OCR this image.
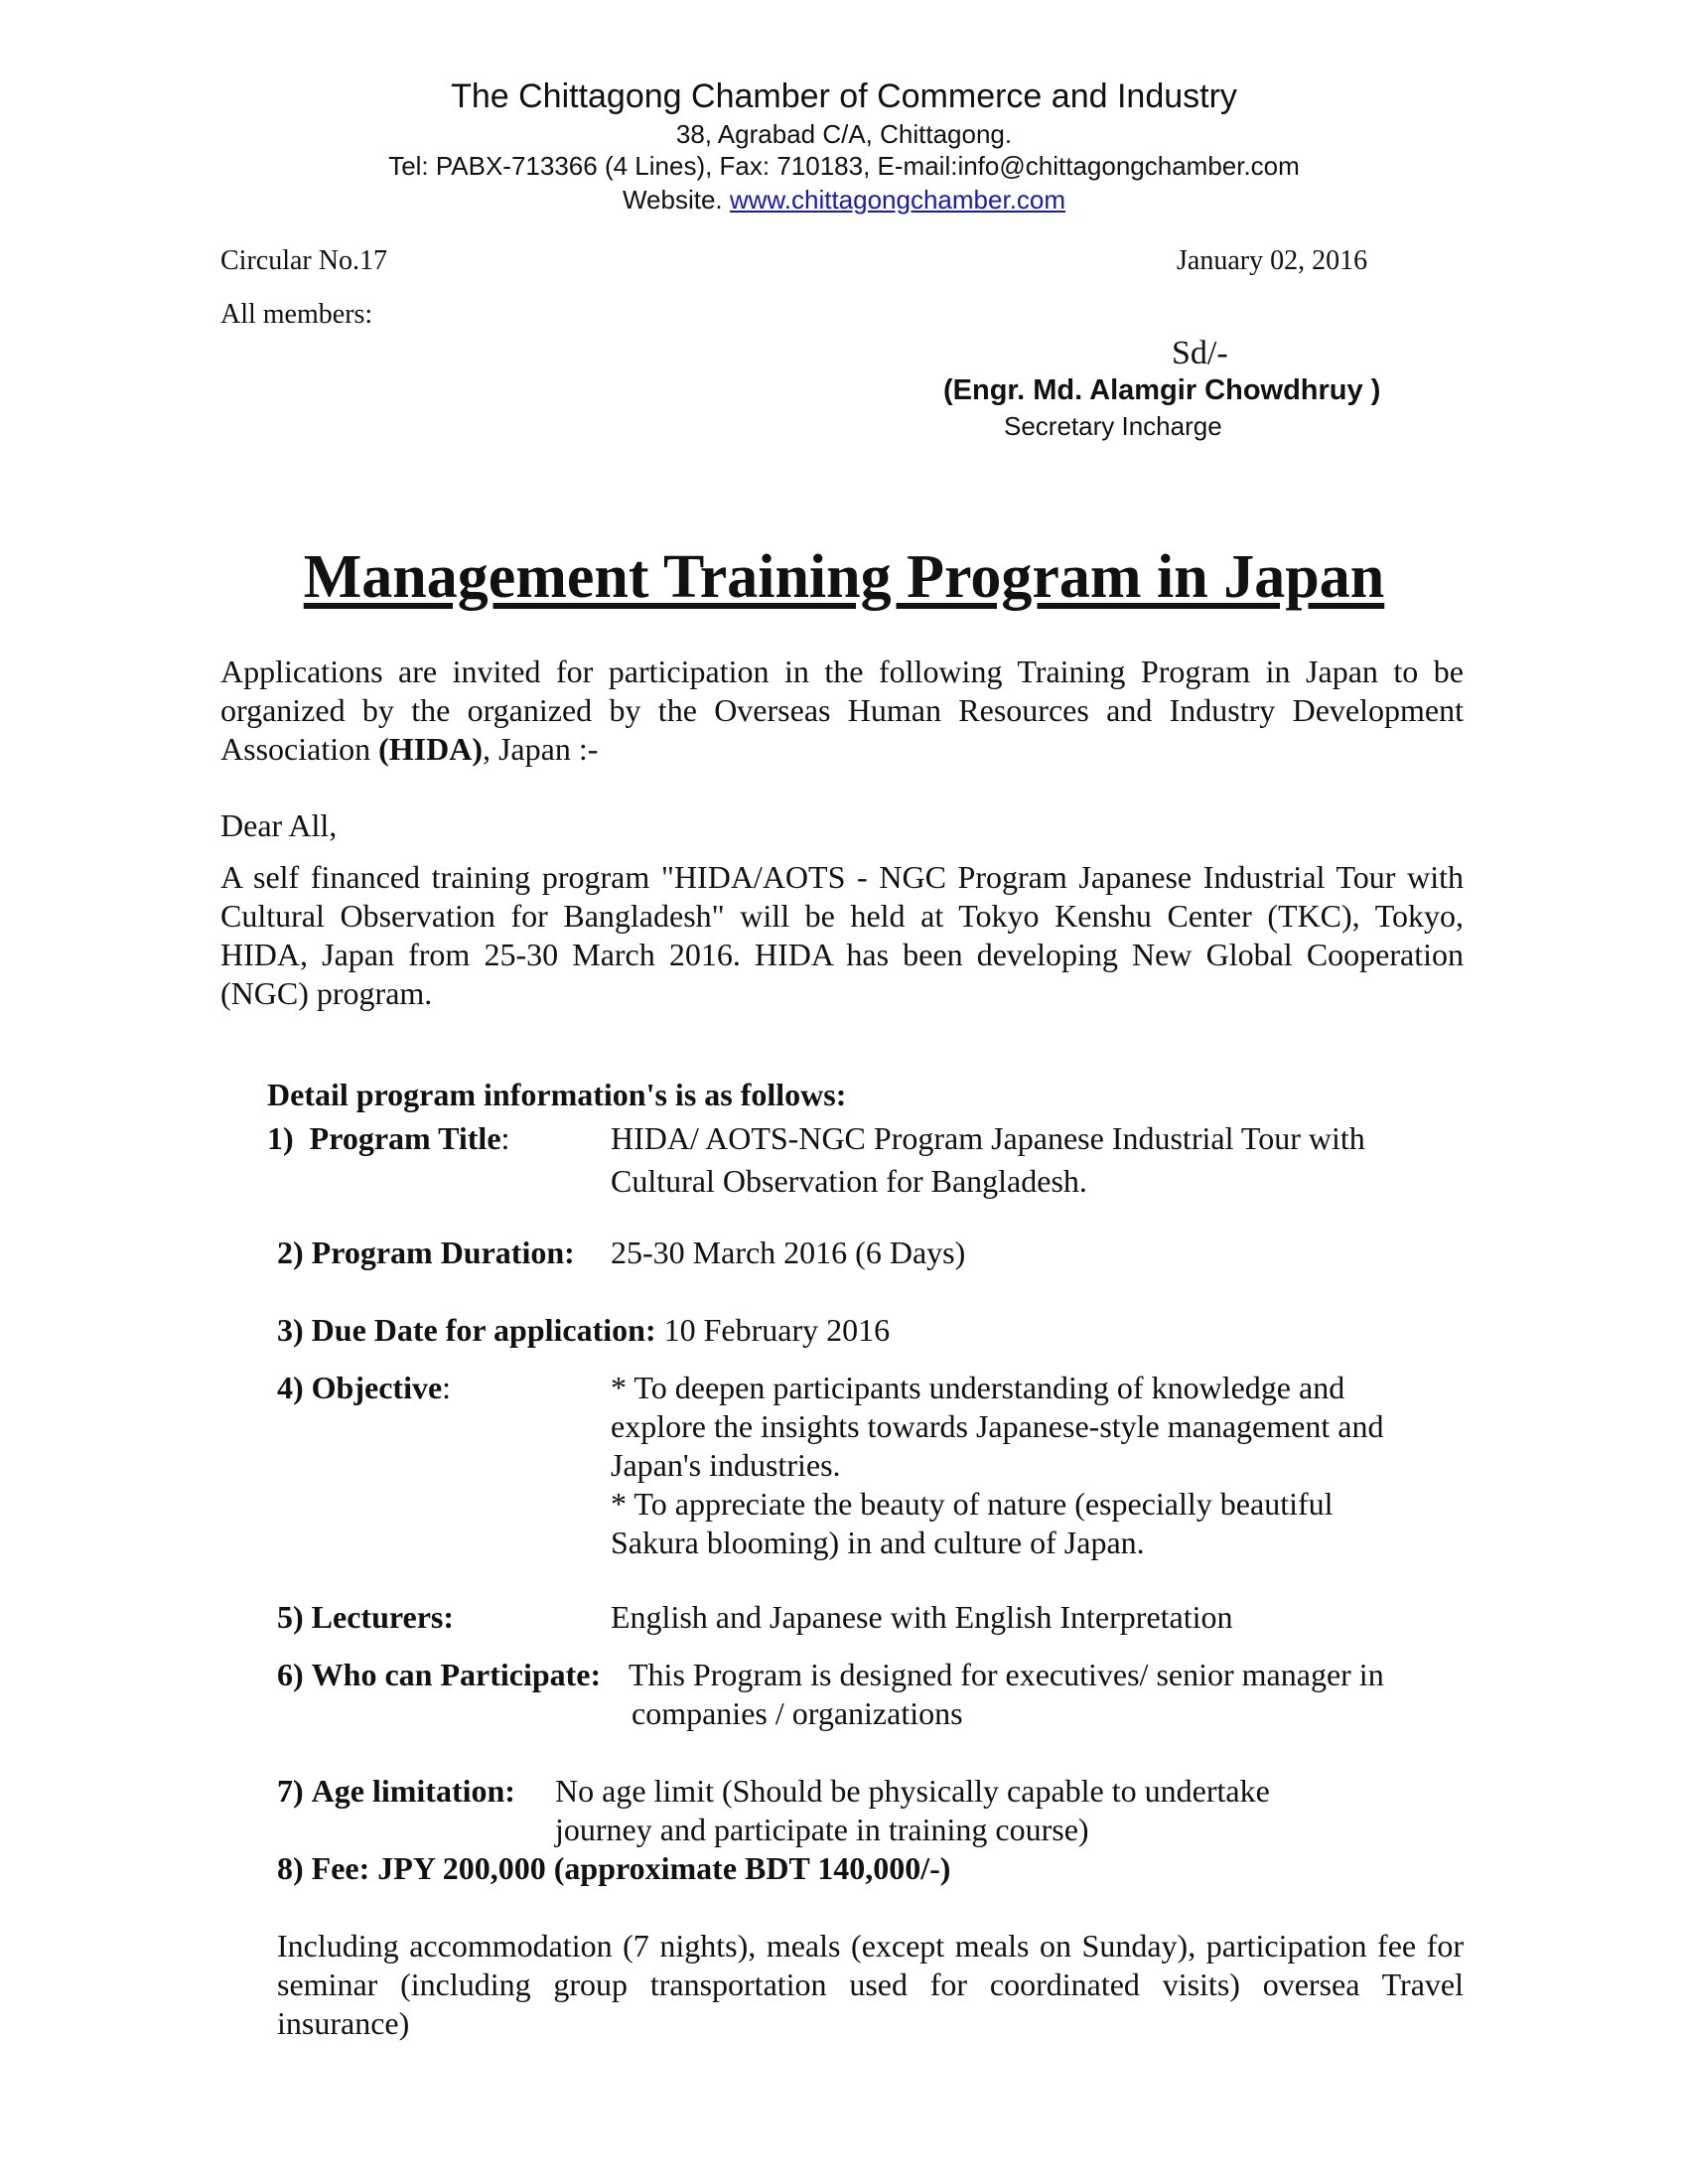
The Chittagong Chamber of Commerce and Industry
38, Agrabad C/A, Chittagong.
Tel: PABX-713366 (4 Lines), Fax: 710183, E-mail:info@chittagongchamber.com
Website. www.chittagongchamber.com
Circular No.17	January 02, 2016
All members:
Sd/-
(Engr. Md. Alamgir Chowdhruy )
Secretary Incharge
Management Training Program in Japan
Applications are invited for participation in the following Training Program in Japan to be organized by the organized by the Overseas Human Resources and Industry Development Association (HIDA), Japan :-
Dear All,
A self financed training program "HIDA/AOTS - NGC Program Japanese Industrial Tour with Cultural Observation for Bangladesh" will be held at Tokyo Kenshu Center (TKC), Tokyo, HIDA, Japan from 25-30 March 2016. HIDA has been developing New Global Cooperation (NGC) program.
Detail program information's is as follows:
1) Program Title:	HIDA/ AOTS-NGC Program Japanese Industrial Tour with
Cultural Observation for Bangladesh.
2) Program Duration: 25-30 March 2016 (6 Days)
3) Due Date for application: 10 February 2016
4) Objective:	* To deepen participants understanding of knowledge and
explore the insights towards Japanese-style management and
Japan's industries.
* To appreciate the beauty of nature (especially beautiful
Sakura blooming) in and culture of Japan.
5) Lecturers:	English and Japanese with English Interpretation
6) Who can Participate: This Program is designed for executives/ senior manager in
companies / organizations
7) Age limitation: No age limit (Should be physically capable to undertake
journey and participate in training course)
8) Fee: JPY 200,000 (approximate BDT 140,000/-)
Including accommodation (7 nights), meals (except meals on Sunday), participation fee for seminar (including group transportation used for coordinated visits) oversea Travel insurance)
